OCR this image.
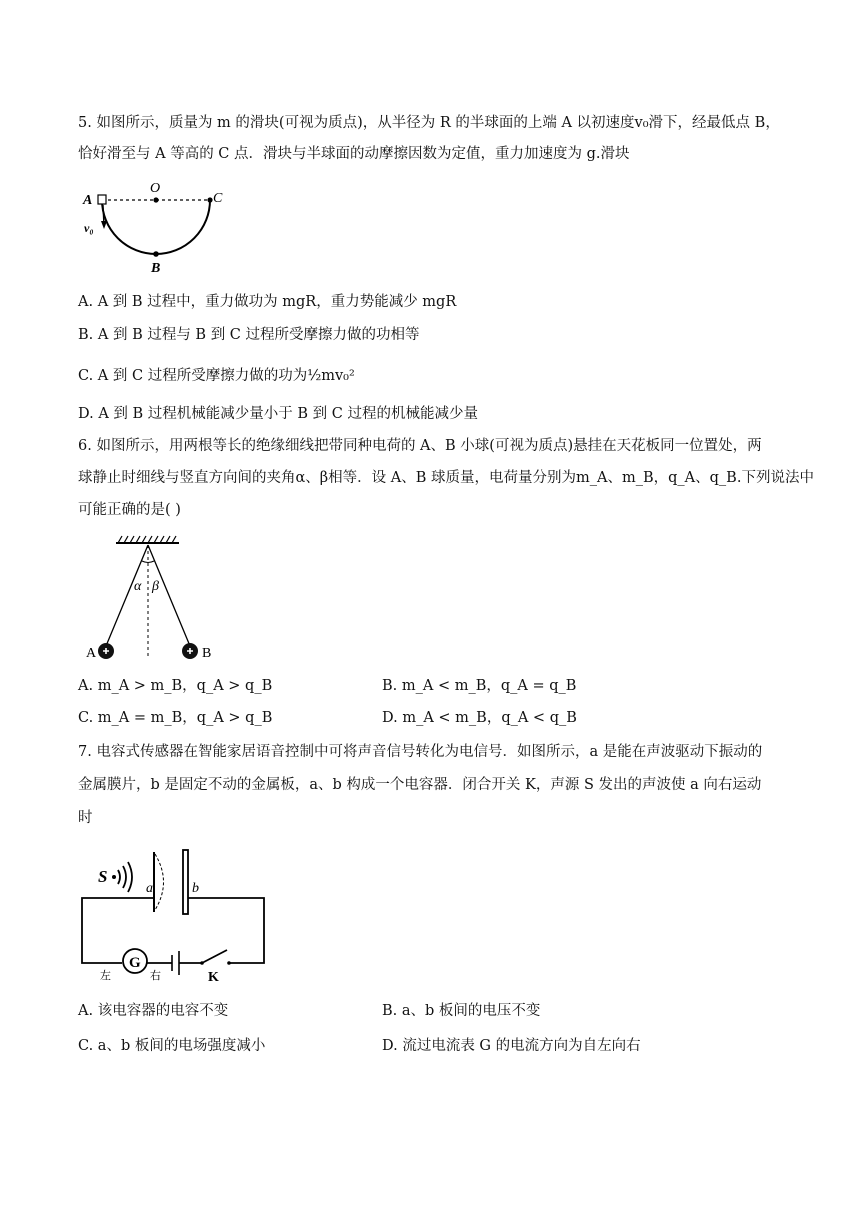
5. 如图所示，质量为 m 的滑块(可视为质点)，从半径为 R 的半球面的上端 A 以初速度v₀滑下，经最低点 B，
恰好滑至与 A 等高的 C 点．滑块与半球面的动摩擦因数为定值，重力加速度为 g.滑块
A
O
C
B
v₀
A. A 到 B 过程中，重力做功为 mgR，重力势能减少 mgR
B. A 到 B 过程与 B 到 C 过程所受摩擦力做的功相等
C. A 到 C 过程所受摩擦力做的功为½mv₀²
D. A 到 B 过程机械能减少量小于 B 到 C 过程的机械能减少量
6. 如图所示，用两根等长的绝缘细线把带同种电荷的 A、B 小球(可视为质点)悬挂在天花板同一位置处，两
球静止时细线与竖直方向间的夹角α、β相等．设 A、B 球质量，电荷量分别为m_A、m_B，q_A、q_B.下列说法中
可能正确的是( )
A	B
α β
A. m_A > m_B，q_A > q_B	B. m_A < m_B，q_A = q_B
C. m_A = m_B，q_A > q_B	D. m_A < m_B，q_A < q_B
7. 电容式传感器在智能家居语音控制中可将声音信号转化为电信号．如图所示，a 是能在声波驱动下振动的
金属膜片，b 是固定不动的金属板，a、b 构成一个电容器．闭合开关 K，声源 S 发出的声波使 a 向右运动
时
S
a	b
G
K
左	右
A. 该电容器的电容不变	B. a、b 板间的电压不变
C. a、b 板间的电场强度减小	D. 流过电流表 G 的电流方向为自左向右
